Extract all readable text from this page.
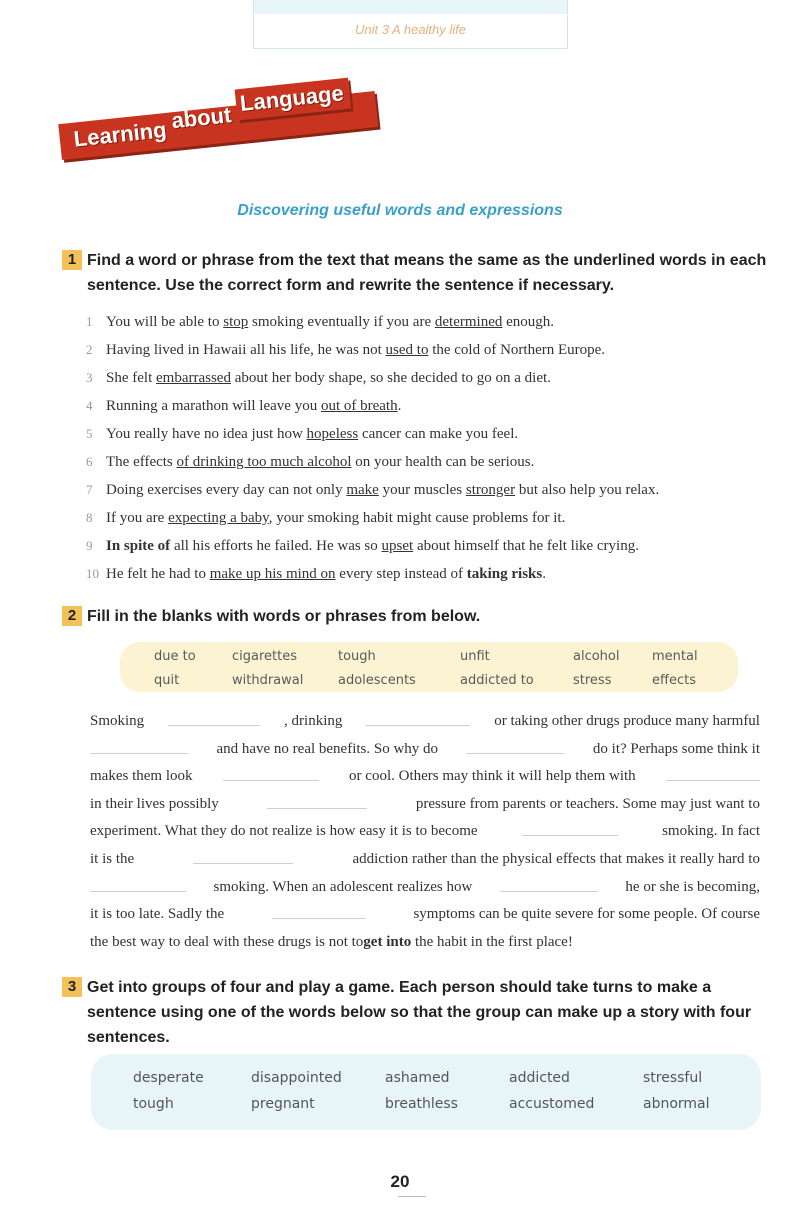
Unit 3 A healthy life
Learning about Language
Discovering useful words and expressions
1 Find a word or phrase from the text that means the same as the underlined words in each sentence. Use the correct form and rewrite the sentence if necessary.
1 You will be able to stop smoking eventually if you are determined enough.
2 Having lived in Hawaii all his life, he was not used to the cold of Northern Europe.
3 She felt embarrassed about her body shape, so she decided to go on a diet.
4 Running a marathon will leave you out of breath.
5 You really have no idea just how hopeless cancer can make you feel.
6 The effects of drinking too much alcohol on your health can be serious.
7 Doing exercises every day can not only make your muscles stronger but also help you relax.
8 If you are expecting a baby, your smoking habit might cause problems for it.
9 In spite of all his efforts he failed. He was so upset about himself that he felt like crying.
10 He felt he had to make up his mind on every step instead of taking risks.
2 Fill in the blanks with words or phrases from below.
due to	cigarettes	tough	unfit	alcohol	mental
quit	withdrawal	adolescents	addicted to	stress	effects
Smoking	, drinking	or taking other drugs produce many harmful
and have no real benefits. So why do	do it? Perhaps some think it
makes them look	or cool. Others may think it will help them with
in their lives possibly	pressure from parents or teachers. Some may just want to
experiment. What they do not realize is how easy it is to become	smoking. In fact
it is the	addiction rather than the physical effects that makes it really hard to
smoking. When an adolescent realizes how	he or she is becoming,
it is too late. Sadly the	symptoms can be quite severe for some people. Of course
the best way to deal with these drugs is not to get into the habit in the first place!
3 Get into groups of four and play a game. Each person should take turns to make a sentence using one of the words below so that the group can make up a story with four sentences.
desperate	disappointed	ashamed	addicted	stressful
tough	pregnant	breathless	accustomed	abnormal
20
